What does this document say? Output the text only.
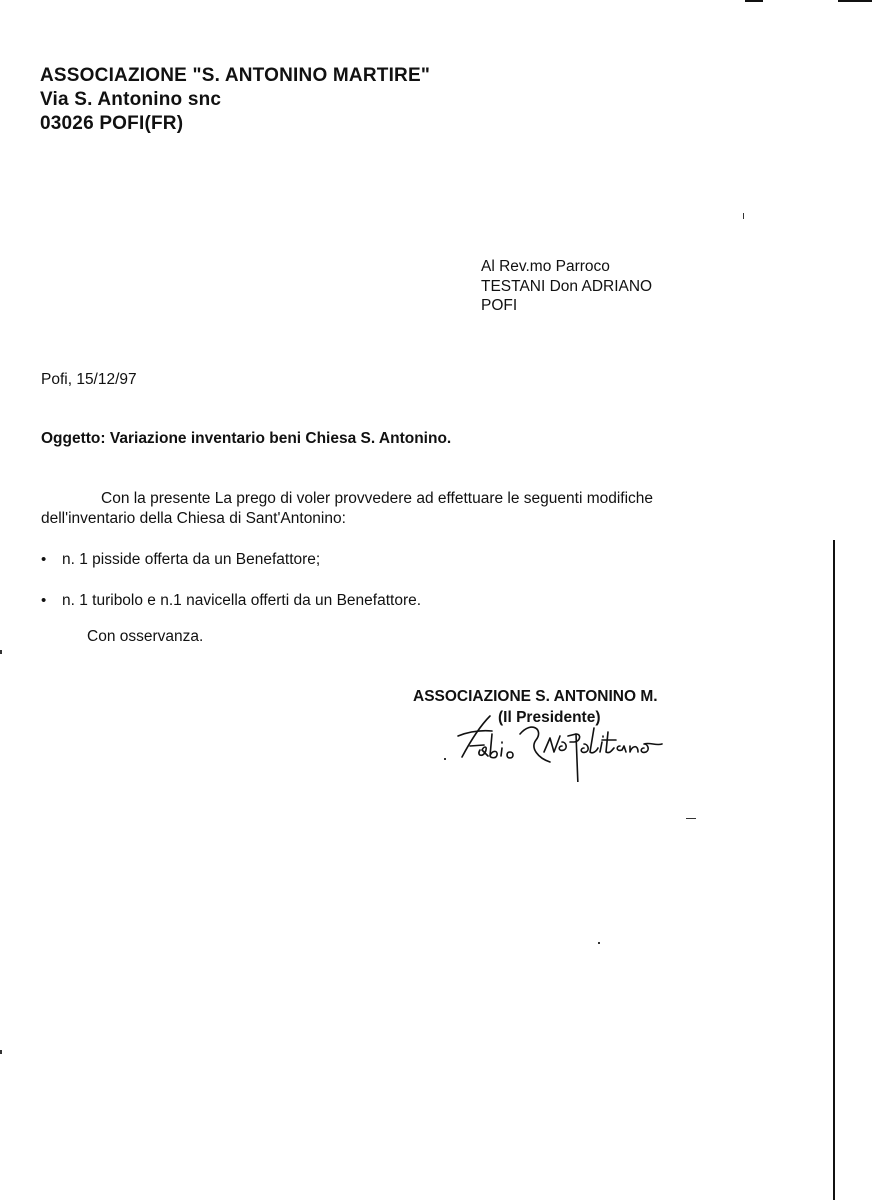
ASSOCIAZIONE "S. ANTONINO MARTIRE"
Via S. Antonino snc
03026 POFI(FR)
Al Rev.mo Parroco
TESTANI Don ADRIANO
POFI
Pofi, 15/12/97
Oggetto: Variazione inventario beni Chiesa S. Antonino.
Con la presente La prego di voler provvedere ad effettuare le seguenti modifiche dell'inventario della Chiesa di Sant'Antonino:
• n. 1 pisside offerta da un Benefattore;
• n. 1 turibolo e n.1 navicella offerti da un Benefattore.
Con osservanza.
ASSOCIAZIONE S. ANTONINO M.
(Il Presidente)
